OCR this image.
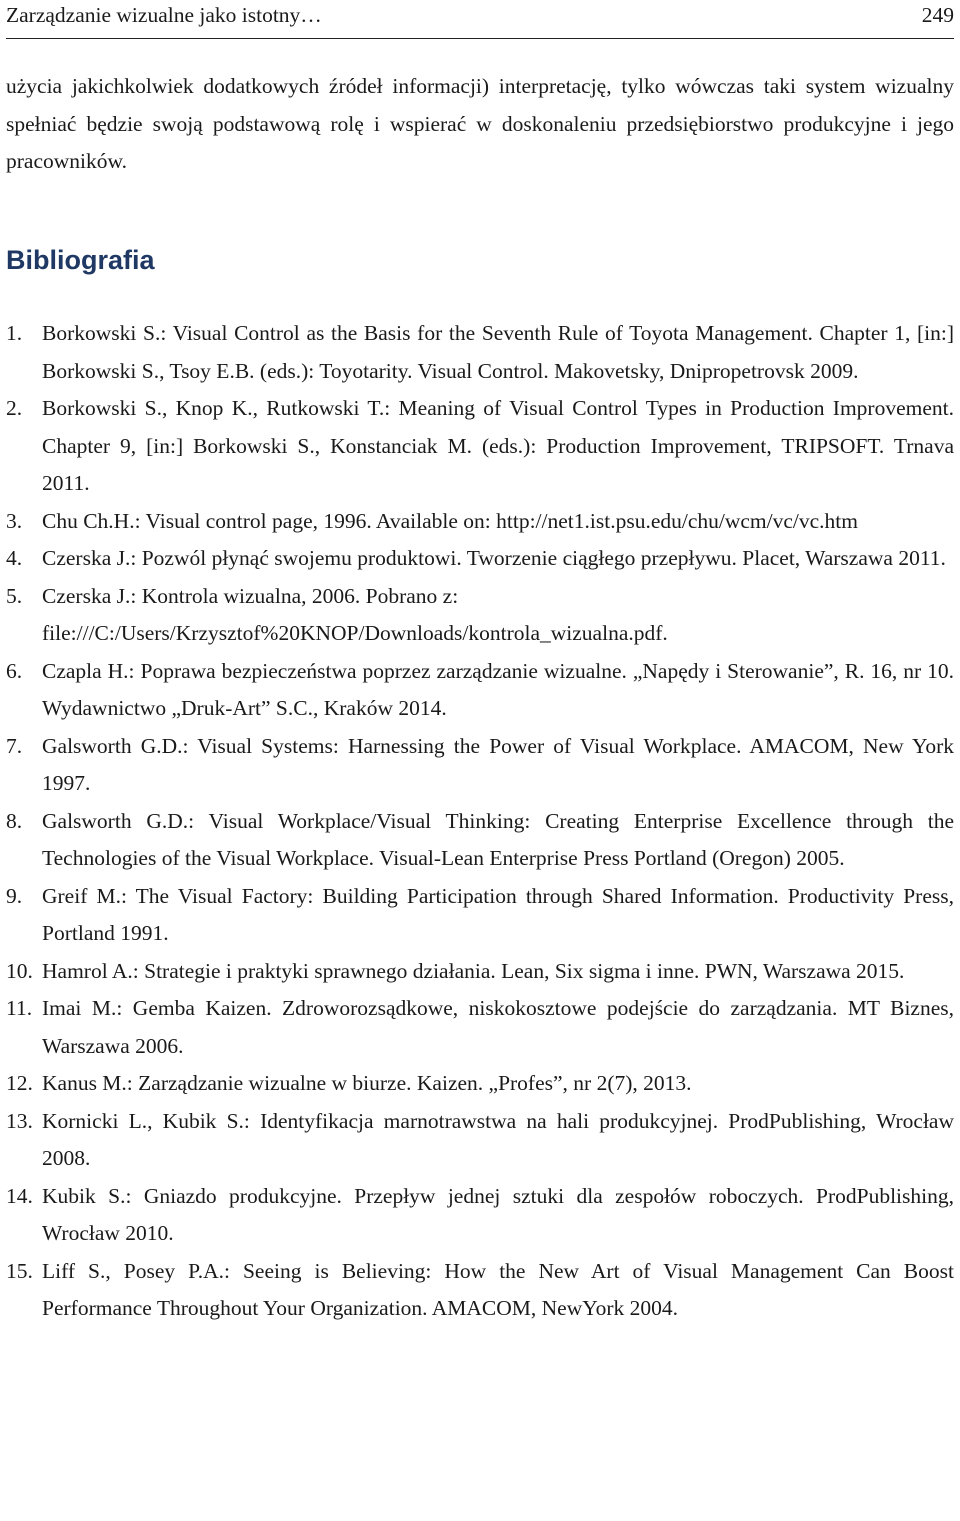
Zarządzanie wizualne jako istotny…	249

użycia jakichkolwiek dodatkowych źródeł informacji) interpretację, tylko wówczas taki system wizualny spełniać będzie swoją podstawową rolę i wspierać w doskonaleniu przedsiębiorstwo produkcyjne i jego pracowników.

Bibliografia
1. Borkowski S.: Visual Control as the Basis for the Seventh Rule of Toyota Management. Chapter 1, [in:] Borkowski S., Tsoy E.B. (eds.): Toyotarity. Visual Control. Makovetsky, Dnipropetrovsk 2009.
2. Borkowski S., Knop K., Rutkowski T.: Meaning of Visual Control Types in Production Improvement. Chapter 9, [in:] Borkowski S., Konstanciak M. (eds.): Production Improvement, TRIPSOFT. Trnava 2011.
3. Chu Ch.H.: Visual control page, 1996. Available on: http://net1.ist.psu.edu/chu/wcm/vc/vc.htm
4. Czerska J.: Pozwól płynąć swojemu produktowi. Tworzenie ciągłego przepływu. Placet, Warszawa 2011.
5. Czerska J.: Kontrola wizualna, 2006. Pobrano z: file:///C:/Users/Krzysztof%20KNOP/Downloads/kontrola_wizualna.pdf.
6. Czapla H.: Poprawa bezpieczeństwa poprzez zarządzanie wizualne. „Napędy i Sterowanie”, R. 16, nr 10. Wydawnictwo „Druk-Art” S.C., Kraków 2014.
7. Galsworth G.D.: Visual Systems: Harnessing the Power of Visual Workplace. AMACOM, New York 1997.
8. Galsworth G.D.: Visual Workplace/Visual Thinking: Creating Enterprise Excellence through the Technologies of the Visual Workplace. Visual-Lean Enterprise Press Portland (Oregon) 2005.
9. Greif M.: The Visual Factory: Building Participation through Shared Information. Productivity Press, Portland 1991.
10. Hamrol A.: Strategie i praktyki sprawnego działania. Lean, Six sigma i inne. PWN, Warszawa 2015.
11. Imai M.: Gemba Kaizen. Zdroworozsądkowe, niskokosztowe podejście do zarządzania. MT Biznes, Warszawa 2006.
12. Kanus M.: Zarządzanie wizualne w biurze. Kaizen. „Profes”, nr 2(7), 2013.
13. Kornicki L., Kubik S.: Identyfikacja marnotrawstwa na hali produkcyjnej. ProdPublishing, Wrocław 2008.
14. Kubik S.: Gniazdo produkcyjne. Przepływ jednej sztuki dla zespołów roboczych. ProdPublishing, Wrocław 2010.
15. Liff S., Posey P.A.: Seeing is Believing: How the New Art of Visual Management Can Boost Performance Throughout Your Organization. AMACOM, NewYork 2004.
